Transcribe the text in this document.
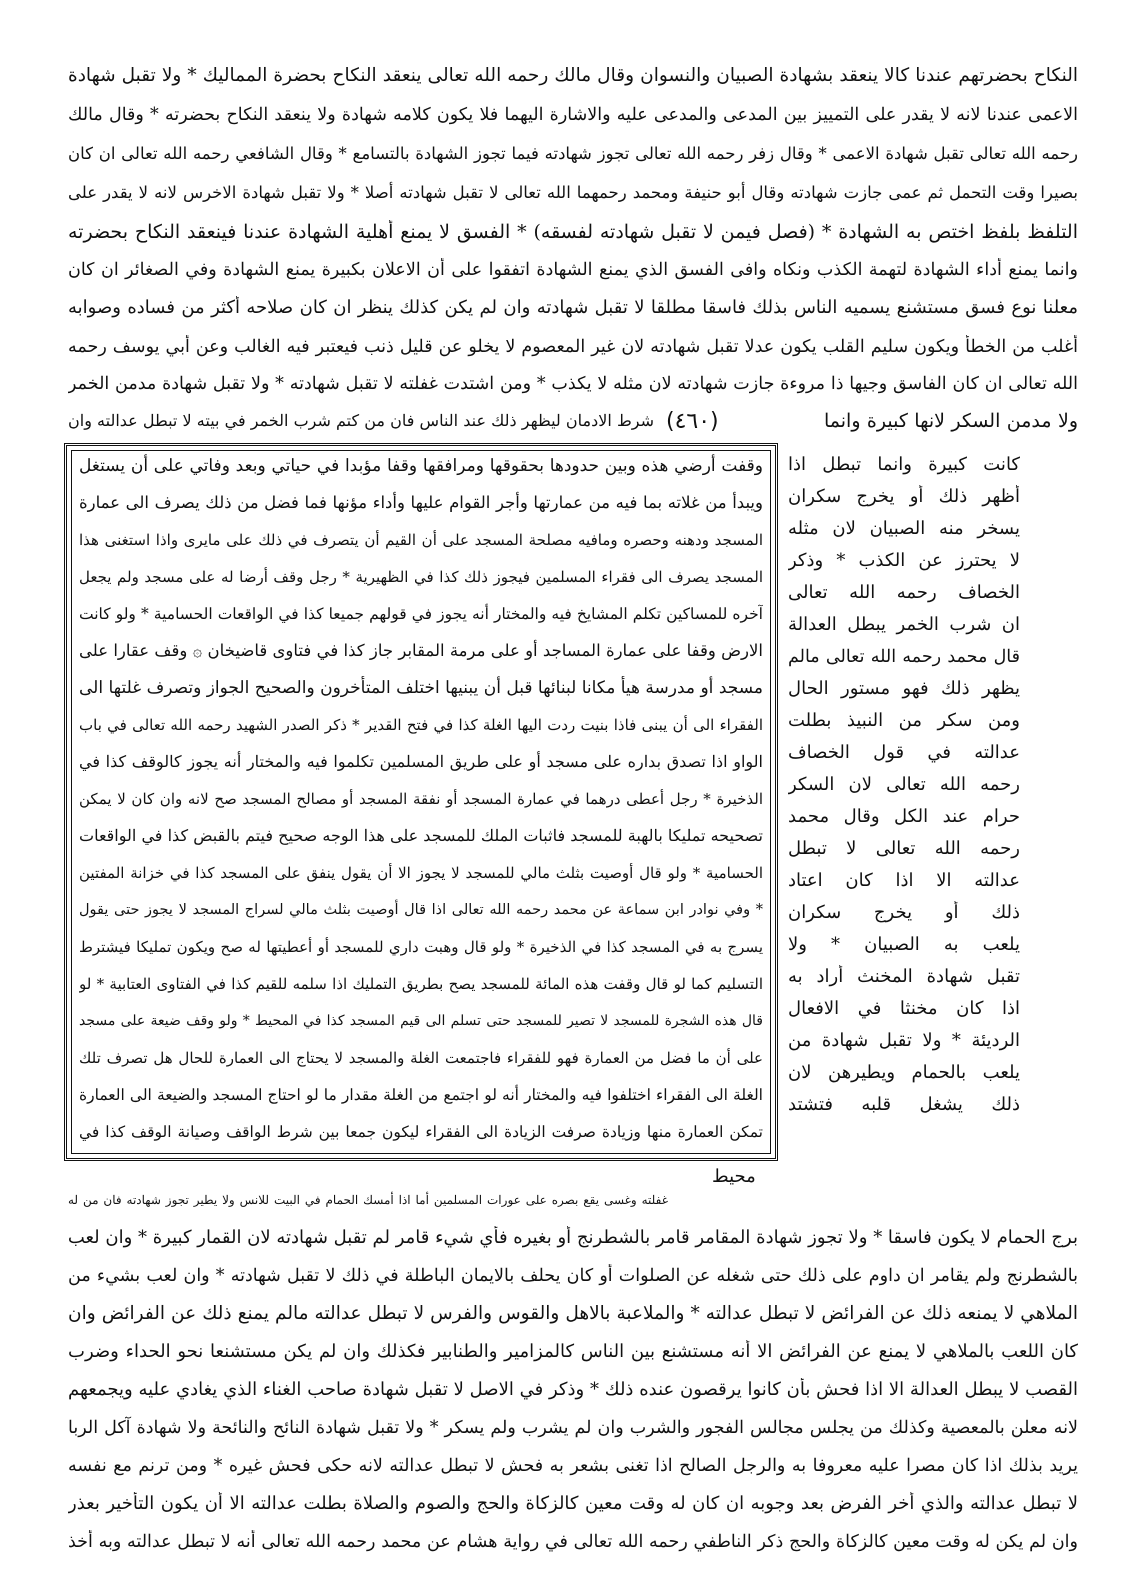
النكاح بحضرتهم عندنا كالا ينعقد بشهادة الصبيان والنسوان وقال مالك رحمه الله تعالى ينعقد النكاح بحضرة المماليك * ولا تقبل شهادة
الاعمى عندنا لانه لا يقدر على التمييز بين المدعى والمدعى عليه والاشارة اليهما فلا يكون كلامه شهادة ولا ينعقد النكاح بحضرته * وقال مالك
رحمه الله تعالى تقبل شهادة الاعمى * وقال زفر رحمه الله تعالى تجوز شهادته فيما تجوز الشهادة بالتسامع * وقال الشافعي رحمه الله تعالى ان كان
بصيرا وقت التحمل ثم عمى جازت شهادته وقال أبو حنيفة ومحمد رحمهما الله تعالى لا تقبل شهادته أصلا * ولا تقبل شهادة الاخرس لانه لا يقدر على
التلفظ بلفظ اختص به الشهادة * (فصل فيمن لا تقبل شهادته لفسقه) * الفسق لا يمنع أهلية الشهادة عندنا فينعقد النكاح بحضرته
وانما يمنع أداء الشهادة لتهمة الكذب ونكاه وافى الفسق الذي يمنع الشهادة اتفقوا على أن الاعلان بكبيرة يمنع الشهادة وفي الصغائر ان كان
معلنا نوع فسق مستشنع يسميه الناس بذلك فاسقا مطلقا لا تقبل شهادته وان لم يكن كذلك ينظر ان كان صلاحه أكثر من فساده وصوابه
أغلب من الخطأ ويكون سليم القلب يكون عدلا تقبل شهادته لان غير المعصوم لا يخلو عن قليل ذنب فيعتبر فيه الغالب وعن أبي يوسف رحمه
الله تعالى ان كان الفاسق وجيها ذا مروءة جازت شهادته لان مثله لا يكذب * ومن اشتدت غفلته لا تقبل شهادته * ولا تقبل شهادة مدمن الخمر
ولا مدمن السكر لانها كبيرة وانما
(٤٦٠)
شرط الادمان ليظهر ذلك عند الناس فان من كتم شرب الخمر في بيته لا تبطل عدالته وان
كانت كبيرة وانما تبطل اذا
أظهر ذلك أو يخرج سكران
يسخر منه الصبيان لان مثله
لا يحترز عن الكذب * وذكر
الخصاف رحمه الله تعالى
ان شرب الخمر يبطل العدالة
قال محمد رحمه الله تعالى مالم
يظهر ذلك فهو مستور الحال
ومن سكر من النبيذ بطلت
عدالته في قول الخصاف
رحمه الله تعالى لان السكر
حرام عند الكل وقال محمد
رحمه الله تعالى لا تبطل
عدالته الا اذا كان اعتاد
ذلك أو يخرج سكران
يلعب به الصبيان * ولا
تقبل شهادة المخنث أراد به
اذا كان مخنثا في الافعال
الرديئة * ولا تقبل شهادة من
يلعب بالحمام ويطيرهن لان
ذلك يشغل قلبه فتشتد
وقفت أرضي هذه وبين حدودها بحقوقها ومرافقها وقفا مؤبدا في حياتي وبعد وفاتي على أن يستغل
ويبدأ من غلاته بما فيه من عمارتها وأجر القوام عليها وأداء مؤنها فما فضل من ذلك يصرف الى عمارة
المسجد ودهنه وحصره ومافيه مصلحة المسجد على أن القيم أن يتصرف في ذلك على مايرى واذا استغنى هذا
المسجد يصرف الى فقراء المسلمين فيجوز ذلك كذا في الظهيرية * رجل وقف أرضا له على مسجد ولم يجعل
آخره للمساكين تكلم المشايخ فيه والمختار أنه يجوز في قولهم جميعا كذا في الواقعات الحسامية * ولو كانت
الارض وقفا على عمارة المساجد أو على مرمة المقابر جاز كذا في فتاوى قاضيخان ۞ وقف عقارا على
مسجد أو مدرسة هيأ مكانا لبنائها قبل أن يبنيها اختلف المتأخرون والصحيح الجواز وتصرف غلتها الى
الفقراء الى أن يبنى فاذا بنيت ردت اليها الغلة كذا في فتح القدير * ذكر الصدر الشهيد رحمه الله تعالى في باب
الواو اذا تصدق بداره على مسجد أو على طريق المسلمين تكلموا فيه والمختار أنه يجوز كالوقف كذا في
الذخيرة * رجل أعطى درهما في عمارة المسجد أو نفقة المسجد أو مصالح المسجد صح لانه وان كان لا يمكن
تصحيحه تمليكا بالهبة للمسجد فاثبات الملك للمسجد على هذا الوجه صحيح فيتم بالقبض كذا في الواقعات
الحسامية * ولو قال أوصيت بثلث مالي للمسجد لا يجوز الا أن يقول ينفق على المسجد كذا في خزانة المفتين
* وفي نوادر ابن سماعة عن محمد رحمه الله تعالى اذا قال أوصيت بثلث مالي لسراج المسجد لا يجوز حتى يقول
يسرج به في المسجد كذا في الذخيرة * ولو قال وهبت داري للمسجد أو أعطيتها له صح ويكون تمليكا فيشترط
التسليم كما لو قال وقفت هذه المائة للمسجد يصح بطريق التمليك اذا سلمه للقيم كذا في الفتاوى العتابية * لو
قال هذه الشجرة للمسجد لا تصير للمسجد حتى تسلم الى قيم المسجد كذا في المحيط * ولو وقف ضيعة على مسجد
على أن ما فضل من العمارة فهو للفقراء فاجتمعت الغلة والمسجد لا يحتاج الى العمارة للحال هل تصرف تلك
الغلة الى الفقراء اختلفوا فيه والمختار أنه لو اجتمع من الغلة مقدار ما لو احتاج المسجد والضيعة الى العمارة
تمكن العمارة منها وزيادة صرفت الزيادة الى الفقراء ليكون جمعا بين شرط الواقف وصيانة الوقف كذا في
محيط
غفلته وغسى يقع بصره على عورات المسلمين أما اذا أمسك الحمام في البيت للانس ولا يطير تجوز شهادته فان من له
برج الحمام لا يكون فاسقا * ولا تجوز شهادة المقامر قامر بالشطرنج أو بغيره فأي شيء قامر لم تقبل شهادته لان القمار كبيرة * وان لعب
بالشطرنج ولم يقامر ان داوم على ذلك حتى شغله عن الصلوات أو كان يحلف بالايمان الباطلة في ذلك لا تقبل شهادته * وان لعب بشيء من
الملاهي لا يمنعه ذلك عن الفرائض لا تبطل عدالته * والملاعبة بالاهل والقوس والفرس لا تبطل عدالته مالم يمنع ذلك عن الفرائض وان
كان اللعب بالملاهي لا يمنع عن الفرائض الا أنه مستشنع بين الناس كالمزامير والطنابير فكذلك وان لم يكن مستشنعا نحو الحداء وضرب
القصب لا يبطل العدالة الا اذا فحش بأن كانوا يرقصون عنده ذلك * وذكر في الاصل لا تقبل شهادة صاحب الغناء الذي يغادي عليه ويجمعهم
لانه معلن بالمعصية وكذلك من يجلس مجالس الفجور والشرب وان لم يشرب ولم يسكر * ولا تقبل شهادة النائح والنائحة ولا شهادة آكل الربا
يريد بذلك اذا كان مصرا عليه معروفا به والرجل الصالح اذا تغنى بشعر به فحش لا تبطل عدالته لانه حكى فحش غيره * ومن ترنم مع نفسه
لا تبطل عدالته والذي أخر الفرض بعد وجوبه ان كان له وقت معين كالزكاة والحج والصوم والصلاة بطلت عدالته الا أن يكون التأخير بعذر
وان لم يكن له وقت معين كالزكاة والحج ذكر الناطفي رحمه الله تعالى في رواية هشام عن محمد رحمه الله تعالى أنه لا تبطل عدالته وبه أخذ
